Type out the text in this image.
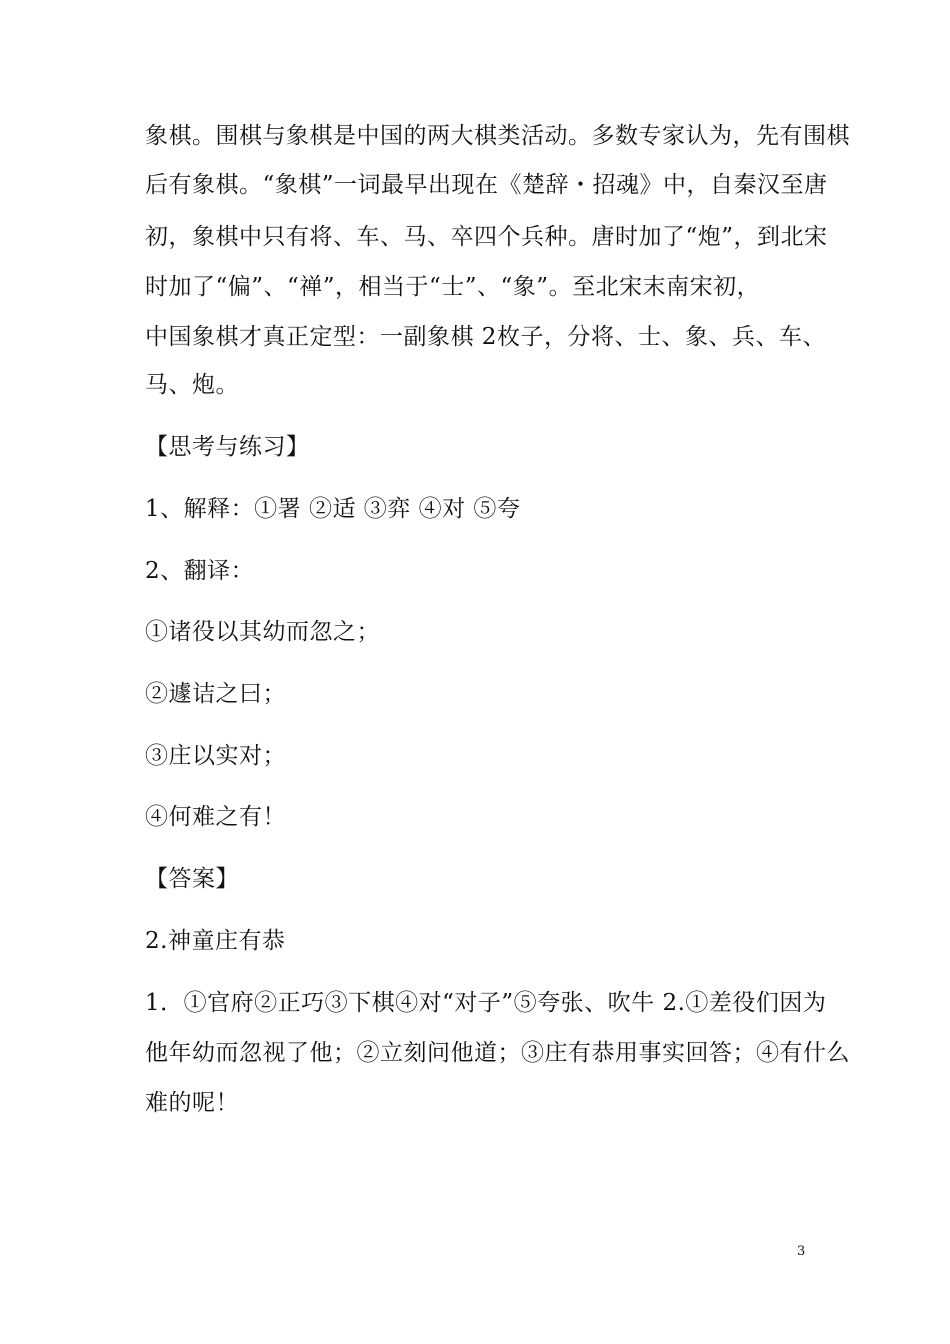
象棋。围棋与象棋是中国的两大棋类活动。多数专家认为，先有围棋
后有象棋。“象棋”一词最早出现在《楚辞・招魂》中，自秦汉至唐
初，象棋中只有将、车、马、卒四个兵种。唐时加了“炮”，到北宋
时加了“偏”、“禅”，相当于“士”、“象”。至北宋末南宋初，
中国象棋才真正定型：一副象棋 2枚子，分将、士、象、兵、车、
马、炮。
【思考与练习】
1、解释：①署 ②适 ③弈 ④对 ⑤夸
2、翻译：
①诸役以其幼而忽之；
②遽诘之曰；
③庄以实对；
④何难之有！
【答案】
2.神童庄有恭
1．①官府②正巧③下棋④对“对子”⑤夸张、吹牛 2.①差役们因为
他年幼而忽视了他；②立刻问他道；③庄有恭用事实回答；④有什么
难的呢！
3
